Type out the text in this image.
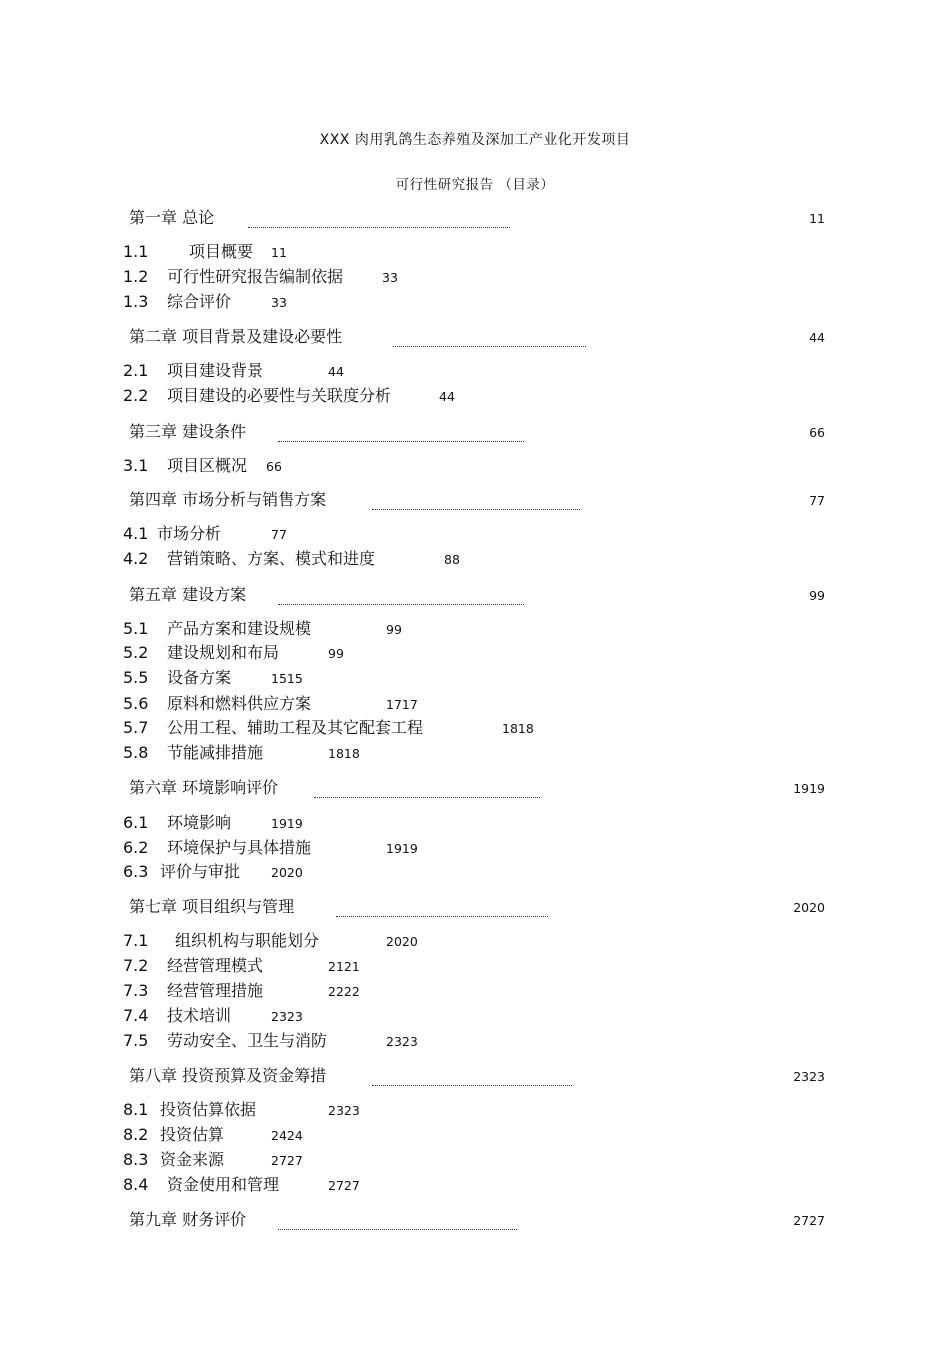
XXX 肉用乳鸽生态养殖及深加工产业化开发项目
可行性研究报告 （目录）
第一章 总论	11
1.1	项目概要 11
1.2 可行性研究报告编制依据	33
1.3 综合评价	33
第二章 项目背景及建设必要性	44
2.1 项目建设背景	44
2.2 项目建设的必要性与关联度分析	44
第三章 建设条件	66
3.1 项目区概况 66
第四章 市场分析与销售方案	77
4.1 市场分析	77
4.2 营销策略、方案、模式和进度	88
第五章 建设方案	99
5.1 产品方案和建设规模	99
5.2 建设规划和布局	99
5.5 设备方案	1515
5.6 原料和燃料供应方案	1717
5.7 公用工程、辅助工程及其它配套工程	1818
5.8 节能减排措施	1818
第六章 环境影响评价	1919
6.1 环境影响	1919
6.2 环境保护与具体措施	1919
6.3 评价与审批 2020
第七章 项目组织与管理	2020
7.1 组织机构与职能划分	2020
7.2 经营管理模式	2121
7.3 经营管理措施	2222
7.4 技术培训	2323
7.5 劳动安全、卫生与消防	2323
第八章 投资预算及资金筹措	2323
8.1 投资估算依据	2323
8.2 投资估算	2424
8.3 资金来源	2727
8.4 资金使用和管理	2727
第九章 财务评价	2727
